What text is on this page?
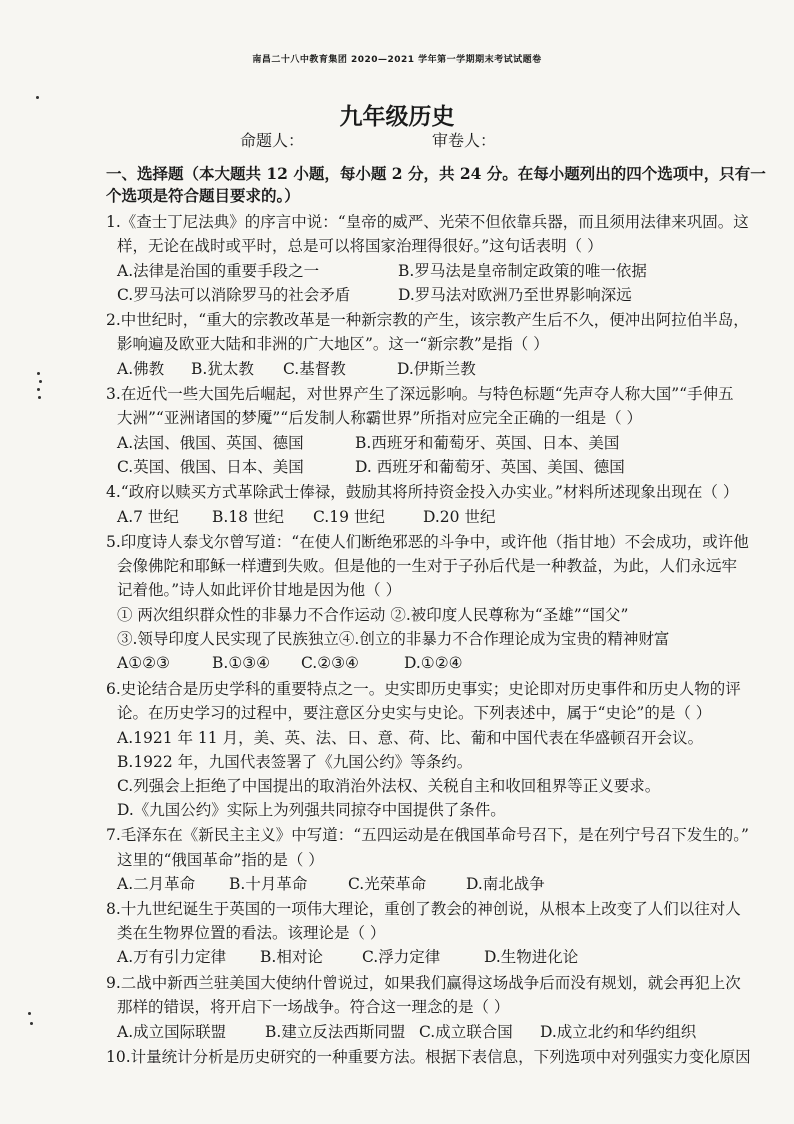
南昌二十八中教育集团 2020—2021 学年第一学期期末考试试题卷
九年级历史
命题人：	审卷人：
一、选择题（本大题共 12 小题，每小题 2 分，共 24 分。在每小题列出的四个选项中，只有一
个选项是符合题目要求的。）
1.《查士丁尼法典》的序言中说：“皇帝的威严、光荣不但依靠兵器，而且须用法律来巩固。这
样，无论在战时或平时，总是可以将国家治理得很好。”这句话表明（ ）
A.法律是治国的重要手段之一	B.罗马法是皇帝制定政策的唯一依据
C.罗马法可以消除罗马的社会矛盾	D.罗马法对欧洲乃至世界影响深远
2.中世纪时，“重大的宗教改革是一种新宗教的产生，该宗教产生后不久，便冲出阿拉伯半岛，
影响遍及欧亚大陆和非洲的广大地区”。这一“新宗教”是指（ ）
A.佛教 B.犹太教 C.基督教	D.伊斯兰教
3.在近代一些大国先后崛起，对世界产生了深远影响。与特色标题“先声夺人称大国”“手伸五
大洲”“亚洲诸国的梦魇”“后发制人称霸世界”所指对应完全正确的一组是（ ）
A.法国、俄国、英国、德国	B.西班牙和葡萄牙、英国、日本、美国
C.英国、俄国、日本、美国	D. 西班牙和葡萄牙、英国、美国、德国
4.“政府以赎买方式革除武士俸禄，鼓励其将所持资金投入办实业。”材料所述现象出现在（ ）
A.7 世纪 B.18 世纪 C.19 世纪 D.20 世纪
5.印度诗人泰戈尔曾写道：“在使人们断绝邪恶的斗争中，或许他（指甘地）不会成功，或许他
会像佛陀和耶稣一样遭到失败。但是他的一生对于子孙后代是一种教益，为此，人们永远牢
记着他。”诗人如此评价甘地是因为他（ ）
① 两次组织群众性的非暴力不合作运动 ②.被印度人民尊称为“圣雄”“国父”
③.领导印度人民实现了民族独立④.创立的非暴力不合作理论成为宝贵的精神财富
A①②③	B.①③④ C.②③④	D.①②④
6.史论结合是历史学科的重要特点之一。史实即历史事实；史论即对历史事件和历史人物的评
论。在历史学习的过程中，要注意区分史实与史论。下列表述中，属于“史论”的是（ ）
A.1921 年 11 月，美、英、法、日、意、荷、比、葡和中国代表在华盛顿召开会议。
B.1922 年，九国代表签署了《九国公约》等条约。
C.列强会上拒绝了中国提出的取消治外法权、关税自主和收回租界等正义要求。
D.《九国公约》实际上为列强共同掠夺中国提供了条件。
7.毛泽东在《新民主主义》中写道：“五四运动是在俄国革命号召下，是在列宁号召下发生的。”
这里的“俄国革命”指的是（ ）
A.二月革命 B.十月革命	C.光荣革命	D.南北战争
8.十九世纪诞生于英国的一项伟大理论，重创了教会的神创说，从根本上改变了人们以往对人
类在生物界位置的看法。该理论是（ ）
A.万有引力定律 B.相对论	C.浮力定律	D.生物进化论
9.二战中新西兰驻美国大使纳什曾说过，如果我们赢得这场战争后而没有规划，就会再犯上次
那样的错误，将开启下一场战争。符合这一理念的是（ ）
A.成立国际联盟	B.建立反法西斯同盟 C.成立联合国 D.成立北约和华约组织
10.计量统计分析是历史研究的一种重要方法。根据下表信息，下列选项中对列强实力变化原因
